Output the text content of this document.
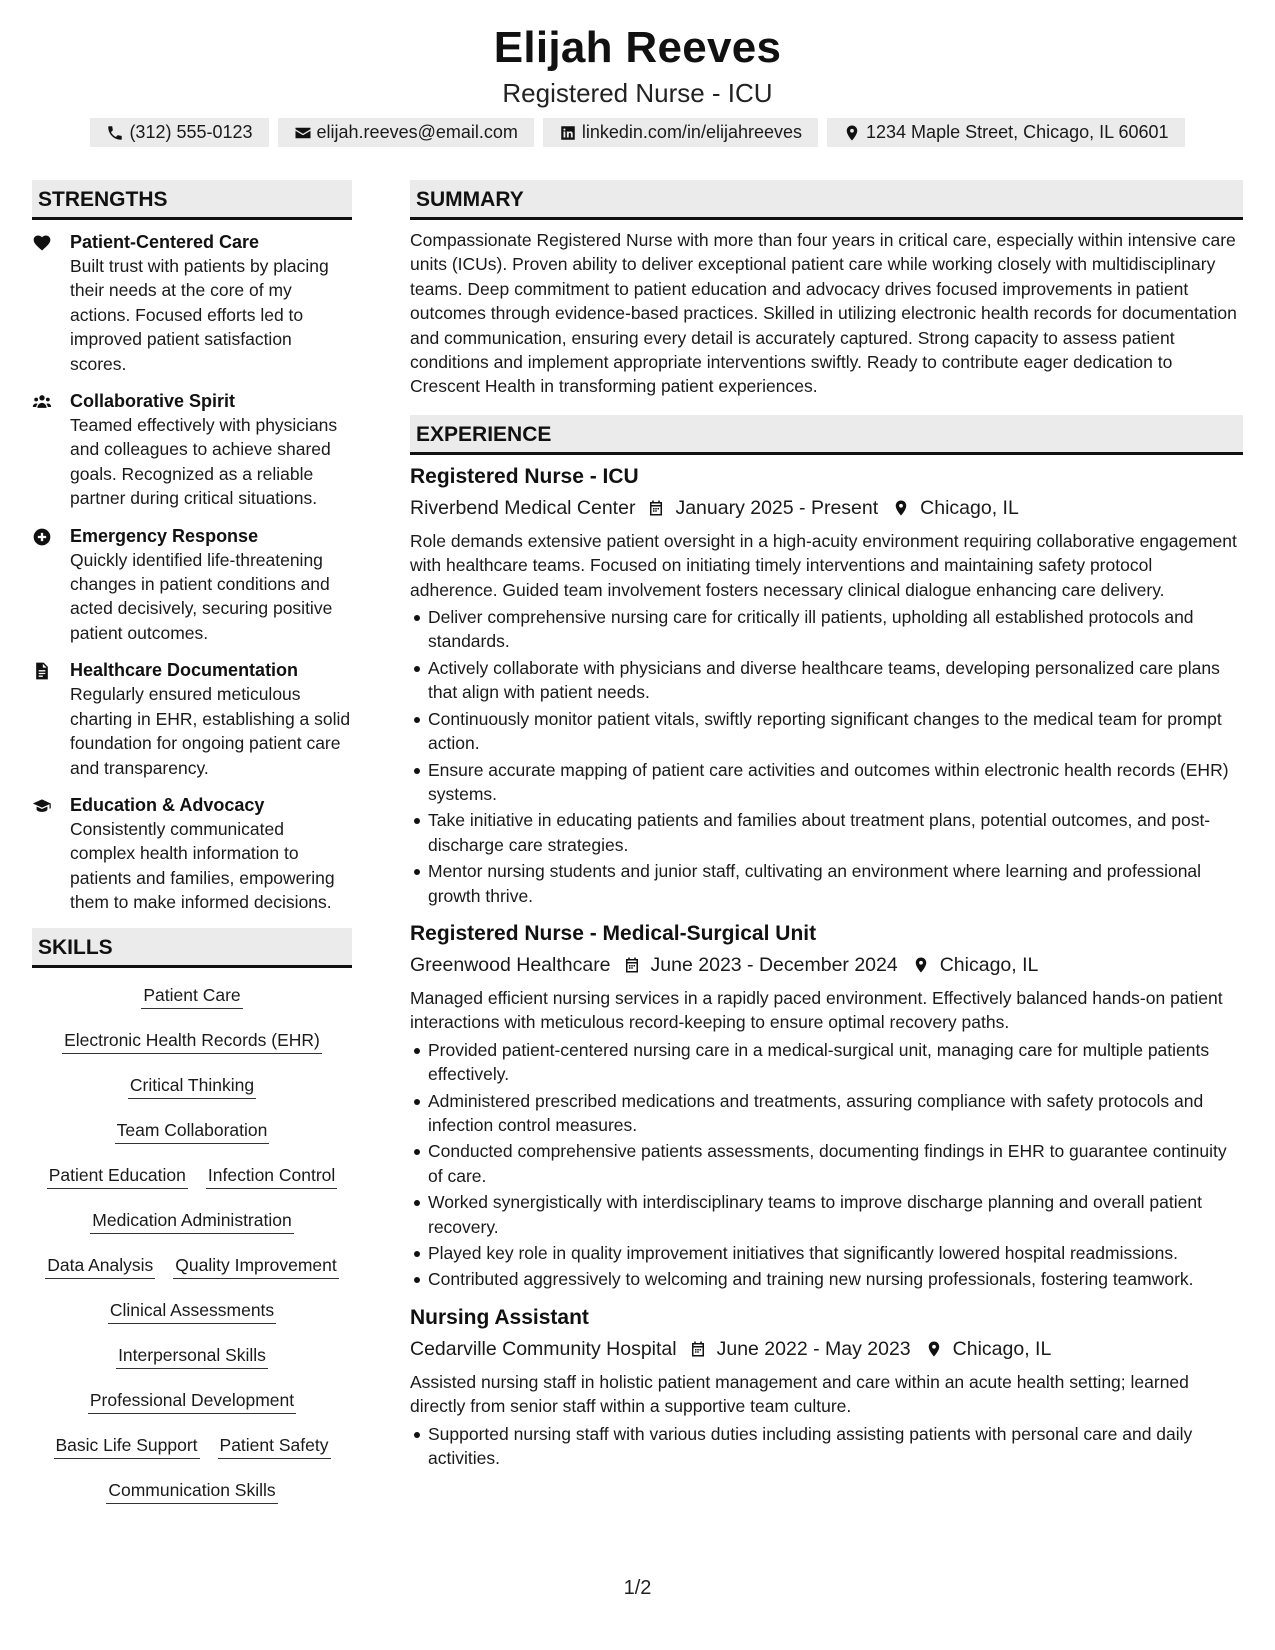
Elijah Reeves
Registered Nurse - ICU
(312) 555-0123	elijah.reeves@email.com	linkedin.com/in/elijahreeves	1234 Maple Street, Chicago, IL 60601
STRENGTHS
Patient-Centered Care
Built trust with patients by placing their needs at the core of my actions. Focused efforts led to improved patient satisfaction scores.
Collaborative Spirit
Teamed effectively with physicians and colleagues to achieve shared goals. Recognized as a reliable partner during critical situations.
Emergency Response
Quickly identified life-threatening changes in patient conditions and acted decisively, securing positive patient outcomes.
Healthcare Documentation
Regularly ensured meticulous charting in EHR, establishing a solid foundation for ongoing patient care and transparency.
Education & Advocacy
Consistently communicated complex health information to patients and families, empowering them to make informed decisions.
SKILLS
Patient Care
Electronic Health Records (EHR)
Critical Thinking
Team Collaboration
Patient Education Infection Control
Medication Administration
Data Analysis Quality Improvement
Clinical Assessments
Interpersonal Skills
Professional Development
Basic Life Support Patient Safety
Communication Skills
SUMMARY
Compassionate Registered Nurse with more than four years in critical care, especially within intensive care units (ICUs). Proven ability to deliver exceptional patient care while working closely with multidisciplinary teams. Deep commitment to patient education and advocacy drives focused improvements in patient outcomes through evidence-based practices. Skilled in utilizing electronic health records for documentation and communication, ensuring every detail is accurately captured. Strong capacity to assess patient conditions and implement appropriate interventions swiftly. Ready to contribute eager dedication to Crescent Health in transforming patient experiences.
EXPERIENCE
Registered Nurse - ICU
Riverbend Medical Center January 2025 - Present Chicago, IL
Role demands extensive patient oversight in a high-acuity environment requiring collaborative engagement with healthcare teams. Focused on initiating timely interventions and maintaining safety protocol adherence. Guided team involvement fosters necessary clinical dialogue enhancing care delivery.
Deliver comprehensive nursing care for critically ill patients, upholding all established protocols and standards.
Actively collaborate with physicians and diverse healthcare teams, developing personalized care plans that align with patient needs.
Continuously monitor patient vitals, swiftly reporting significant changes to the medical team for prompt action.
Ensure accurate mapping of patient care activities and outcomes within electronic health records (EHR) systems.
Take initiative in educating patients and families about treatment plans, potential outcomes, and post-discharge care strategies.
Mentor nursing students and junior staff, cultivating an environment where learning and professional growth thrive.
Registered Nurse - Medical-Surgical Unit
Greenwood Healthcare June 2023 - December 2024 Chicago, IL
Managed efficient nursing services in a rapidly paced environment. Effectively balanced hands-on patient interactions with meticulous record-keeping to ensure optimal recovery paths.
Provided patient-centered nursing care in a medical-surgical unit, managing care for multiple patients effectively.
Administered prescribed medications and treatments, assuring compliance with safety protocols and infection control measures.
Conducted comprehensive patients assessments, documenting findings in EHR to guarantee continuity of care.
Worked synergistically with interdisciplinary teams to improve discharge planning and overall patient recovery.
Played key role in quality improvement initiatives that significantly lowered hospital readmissions.
Contributed aggressively to welcoming and training new nursing professionals, fostering teamwork.
Nursing Assistant
Cedarville Community Hospital June 2022 - May 2023 Chicago, IL
Assisted nursing staff in holistic patient management and care within an acute health setting; learned directly from senior staff within a supportive team culture.
Supported nursing staff with various duties including assisting patients with personal care and daily activities.
1/2
